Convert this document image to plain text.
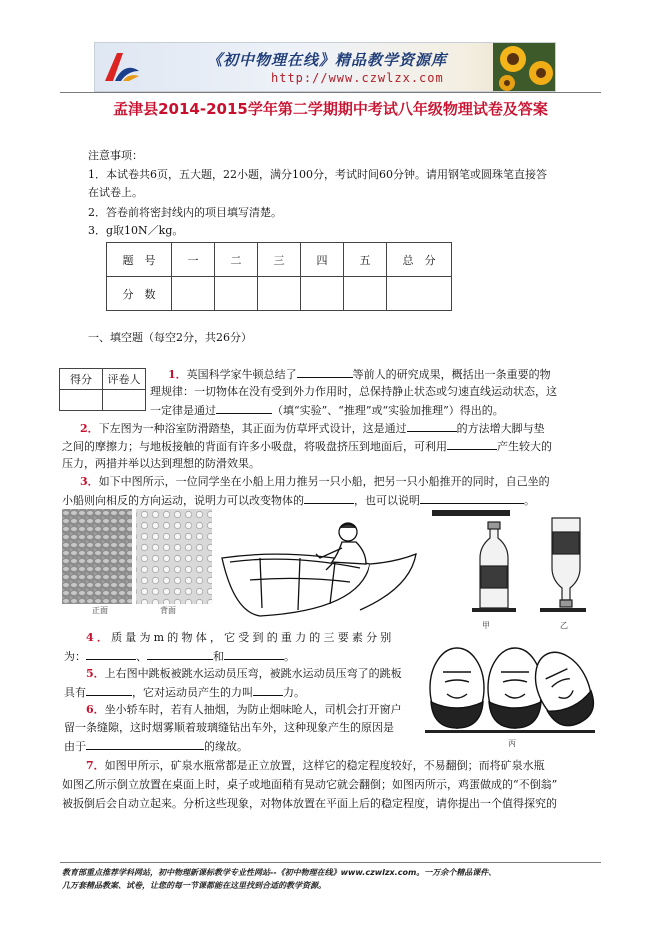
《初中物理在线》精品教学资源库
http://www.czwlzx.com
孟津县2014-2015学年第二学期期中考试八年级物理试卷及答案
注意事项：
1．本试卷共6页，五大题，22小题，满分100分，考试时间60分钟。请用钢笔或圆珠笔直接答
在试卷上。
2．答卷前将密封线内的项目填写清楚。
3．g取10N／kg。
题　号	一	二	三	四	五	总　分
分　数						
一、填空题（每空2分，共26分）
得分	评卷人
		1．英国科学家牛顿总结了	等前人的研究成果，概括出一条重要的物
理规律：一切物体在没有受到外力作用时，总保持静止状态或匀速直线运动状态，这
一定律是通过	（填“实验”、“推理”或“实验加推理”）得出的。
2．下左图为一种浴室防滑踏垫，其正面为仿草坪式设计，这是通过	的方法增大脚与垫
之间的摩擦力；与地板接触的背面有许多小吸盘，将吸盘挤压到地面后，可利用	产生较大的
压力，两措并举以达到理想的防滑效果。
3．如下中图所示，一位同学坐在小船上用力推另一只小船，把另一只小船推开的同时，自己坐的
小船则向相反的方向运动，说明力可以改变物体的	，也可以说明	。
正面	背面
甲	乙
丙
4．质量为m的物体，它受到的重力的三要素分别
为：	、	和	。
5．上右图中跳板被跳水运动员压弯，被跳水运动员压弯了的跳板
具有	，它对运动员产生的力叫	力。
6．坐小轿车时，若有人抽烟，为防止烟味呛人，司机会打开窗户
留一条缝隙，这时烟雾顺着玻璃缝钻出车外，这种现象产生的原因是
由于	的缘故。
7．如图甲所示，矿泉水瓶常都是正立放置，这样它的稳定程度较好，不易翻倒；而将矿泉水瓶
如图乙所示倒立放置在桌面上时，桌子或地面稍有晃动它就会翻倒；如图丙所示，鸡蛋做成的“不倒翁”
被扳倒后会自动立起来。分析这些现象，对物体放置在平面上后的稳定程度，请你提出一个值得探究的
教育部重点推荐学科网站，初中物理新课标教学专业性网站--《初中物理在线》www.czwlzx.com。一万余个精品课件、
几万套精品教案、试卷，让您的每一节课都能在这里找到合适的教学资源。
